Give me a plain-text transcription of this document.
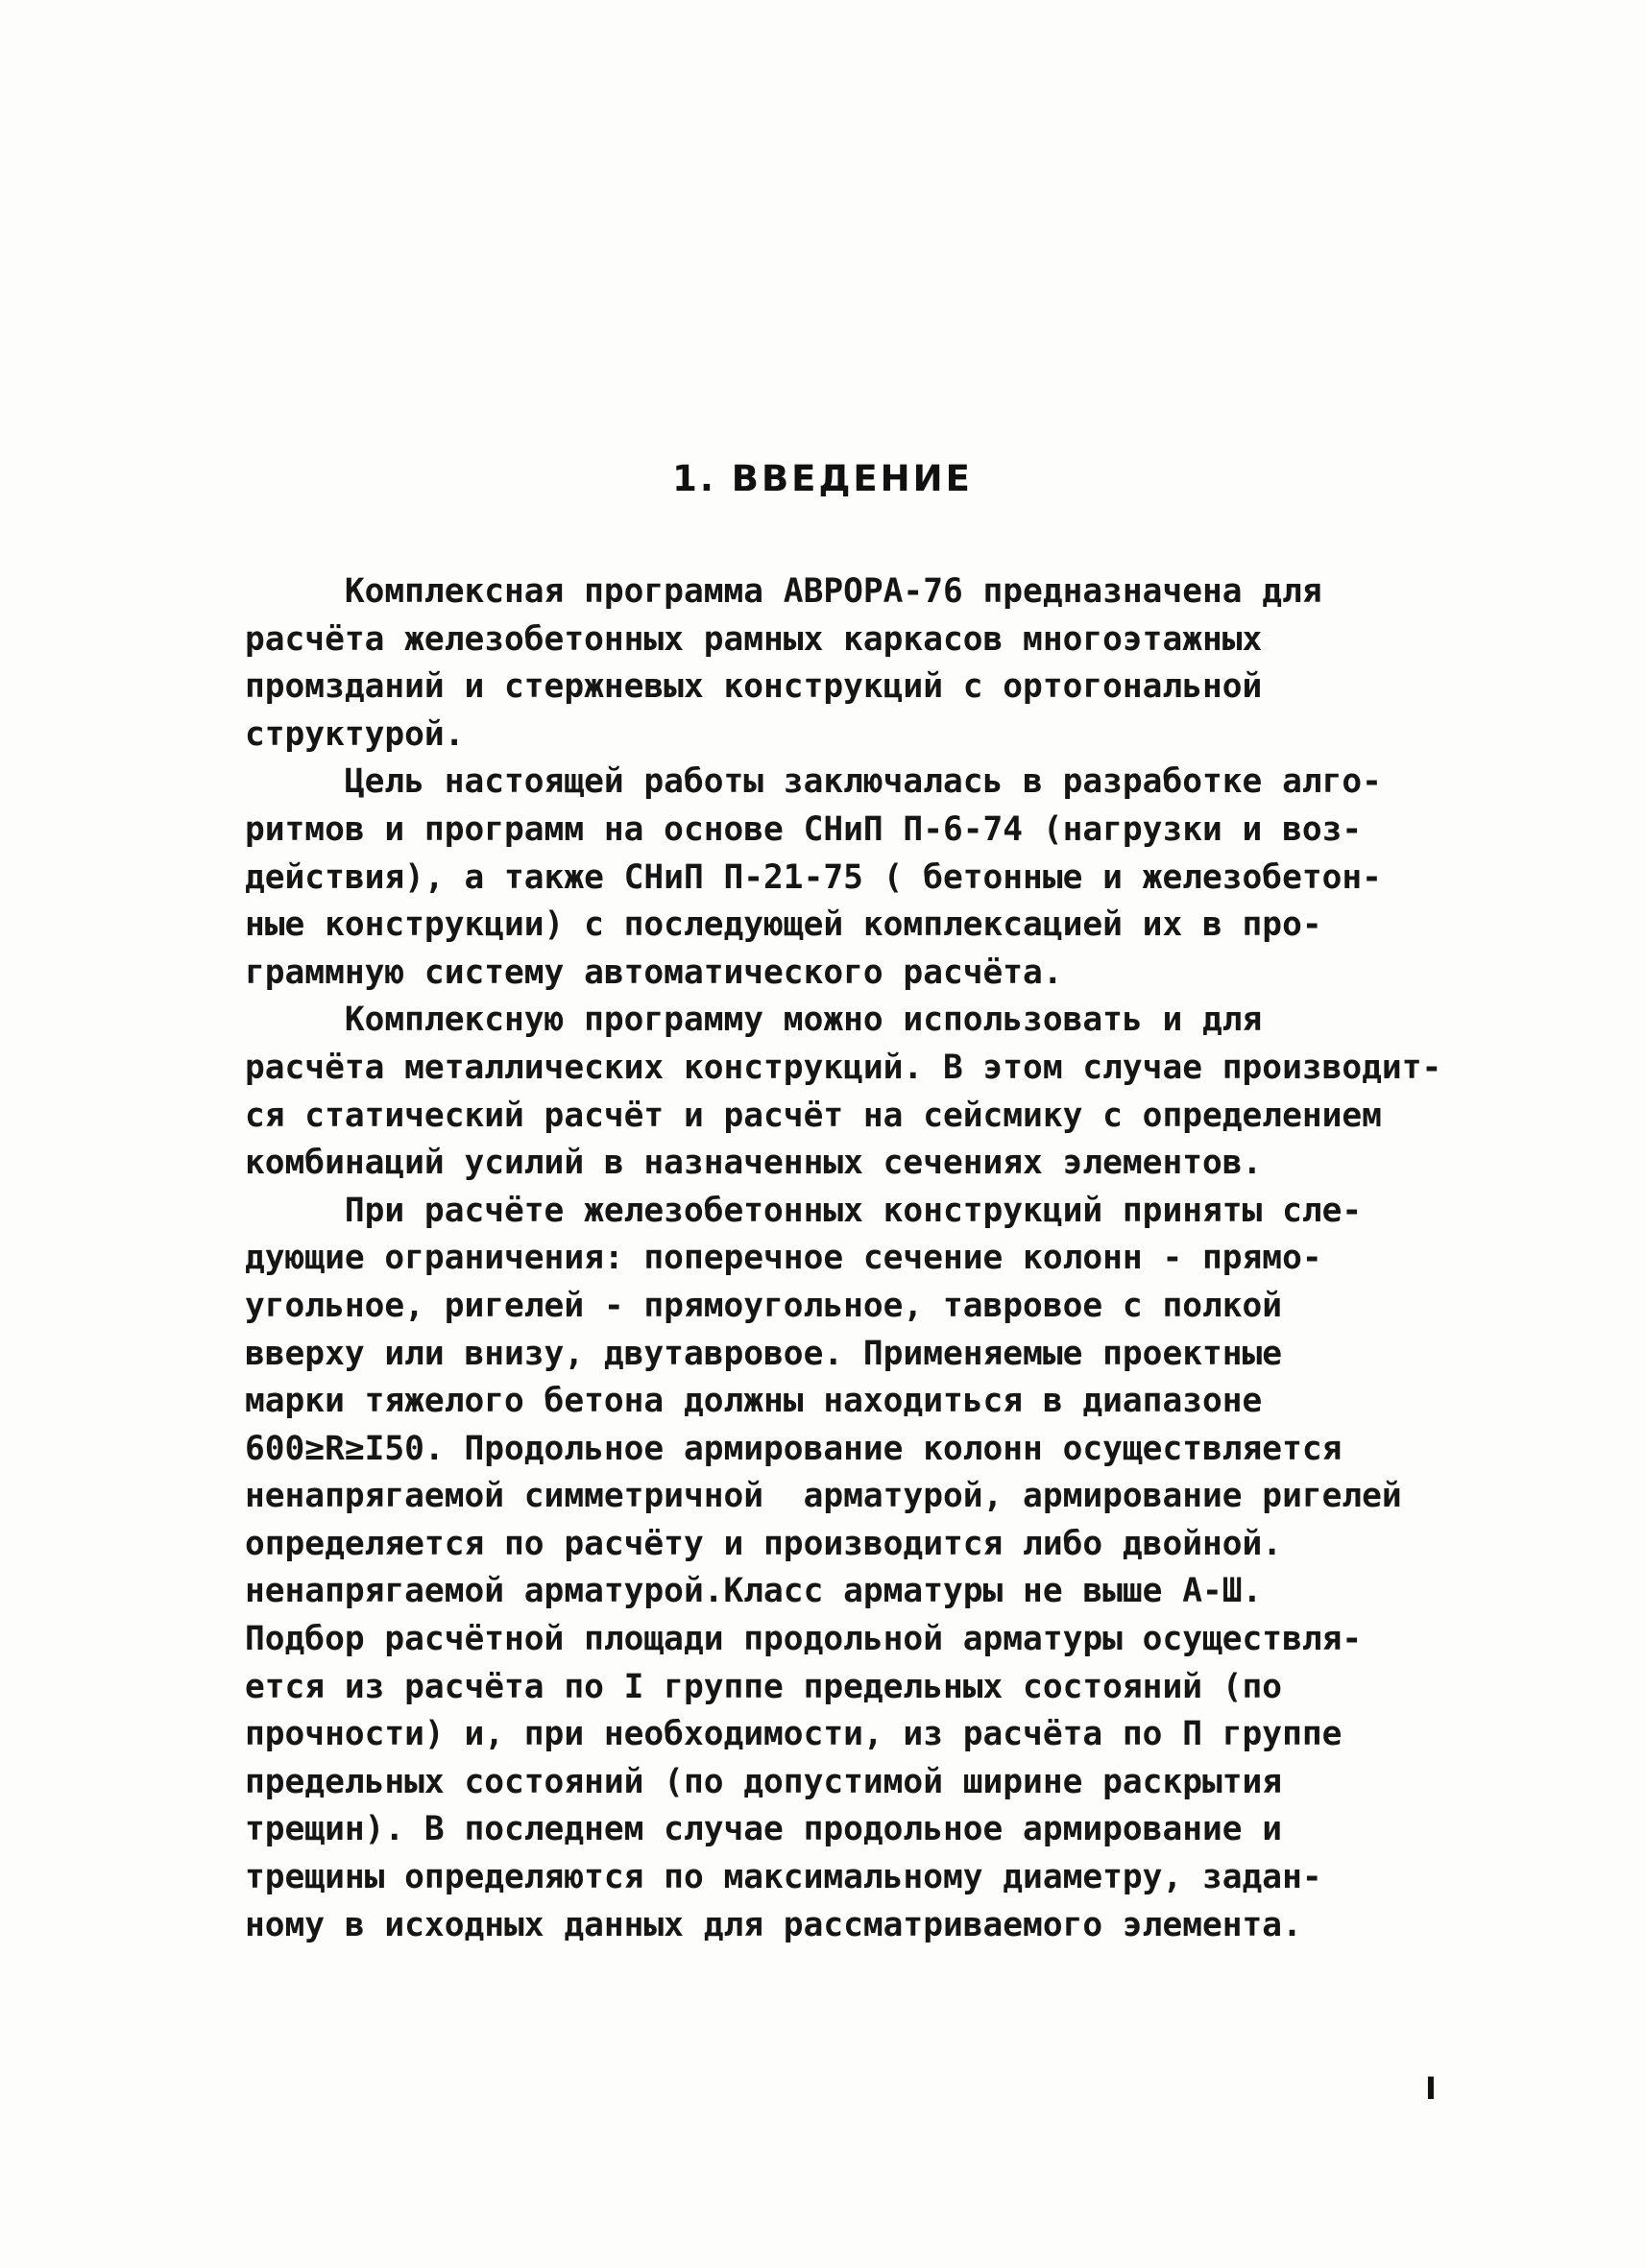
1. ВВЕДЕНИЕ
Комплексная программа АВРОРА-76 предназначена для
расчёта железобетонных рамных каркасов многоэтажных
промзданий и стержневых конструкций с ортогональной
структурой.
Цель настоящей работы заключалась в разработке алго-
ритмов и программ на основе СНиП П-6-74 (нагрузки и воз-
действия), а также СНиП П-21-75 ( бетонные и железобетон-
ные конструкции) с последующей комплексацией их в про-
граммную систему автоматического расчёта.
Комплексную программу можно использовать и для
расчёта металлических конструкций. В этом случае производит-
ся статический расчёт и расчёт на сейсмику с определением
комбинаций усилий в назначенных сечениях элементов.
При расчёте железобетонных конструкций приняты сле-
дующие ограничения: поперечное сечение колонн - прямо-
угольное, ригелей - прямоугольное, тавровое с полкой
вверху или внизу, двутавровое. Применяемые проектные
марки тяжелого бетона должны находиться в диапазоне
600≥R≥I50. Продольное армирование колонн осуществляется
ненапрягаемой симметричной  арматурой, армирование ригелей
определяется по расчёту и производится либо двойной.
ненапрягаемой арматурой.Класс арматуры не выше А-Ш.
Подбор расчётной площади продольной арматуры осуществля-
ется из расчёта по I группе предельных состояний (по
прочности) и, при необходимости, из расчёта по П группе
предельных состояний (по допустимой ширине раскрытия
трещин). В последнем случае продольное армирование и
трещины определяются по максимальному диаметру, задан-
ному в исходных данных для рассматриваемого элемента.
I
